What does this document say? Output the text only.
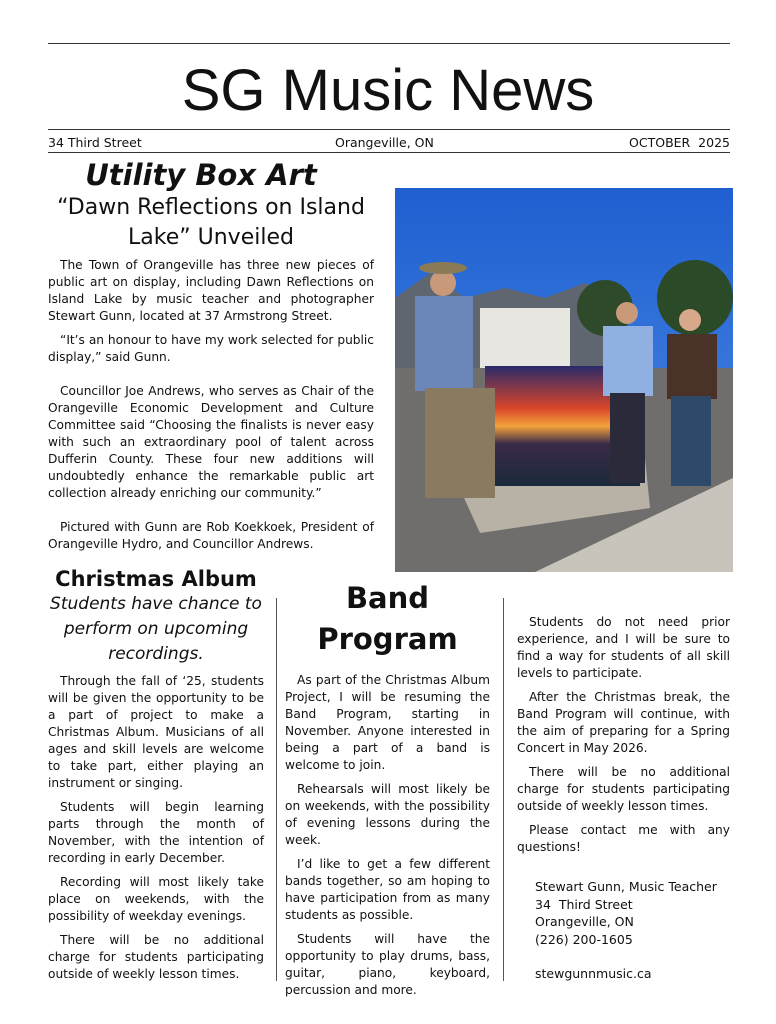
SG Music News
34 Third Street	Orangeville, ON	OCTOBER  2025
Utility Box Art
“Dawn Reflections on Island Lake” Unveiled

The Town of Orangeville has three new pieces of public art on display, including Dawn Reflections on Island Lake by music teacher and photographer Stewart Gunn, located at 37 Armstrong Street.

“It’s an honour to have my work selected for public display,” said Gunn.

Councillor Joe Andrews, who serves as Chair of the Orangeville Economic Development and Culture Committee said “Choosing the finalists is never easy with such an extraordinary pool of talent across Dufferin County. These four new additions will undoubtedly enhance the remarkable public art collection already enriching our community.”

Pictured with Gunn are Rob Koekkoek, President of Orangeville Hydro, and Councillor Andrews.

Christmas Album
Students have chance to perform on upcoming recordings.

Through the fall of ‘25, students will be given the opportunity to be a part of project to make a Christmas Album. Musicians of all ages and skill levels are welcome to take part, either playing an instrument or singing.

Students will begin learning parts through the month of November, with the intention of recording in early December.

Recording will most likely take place on weekends, with the possibility of weekday evenings.

There will be no additional charge for students participating outside of weekly lesson times.

Band Program

As part of the Christmas Album Project, I will be resuming the Band Program, starting in November. Anyone interested in being a part of a band is welcome to join.

Rehearsals will most likely be on weekends, with the possibility of evening lessons during the week.

I’d like to get a few different bands together, so am hoping to have participation from as many students as possible.

Students will have the opportunity to play drums, bass, guitar, piano, keyboard, percussion and more.

Students do not need prior experience, and I will be sure to find a way for students of all skill levels to participate.

After the Christmas break, the Band Program will continue, with the aim of preparing for a Spring Concert in May 2026.

There will be no additional charge for students participating outside of weekly lesson times.

Please contact me with any questions!

Stewart Gunn, Music Teacher
34  Third Street
Orangeville, ON
(226) 200-1605
stewgunnmusic.ca
